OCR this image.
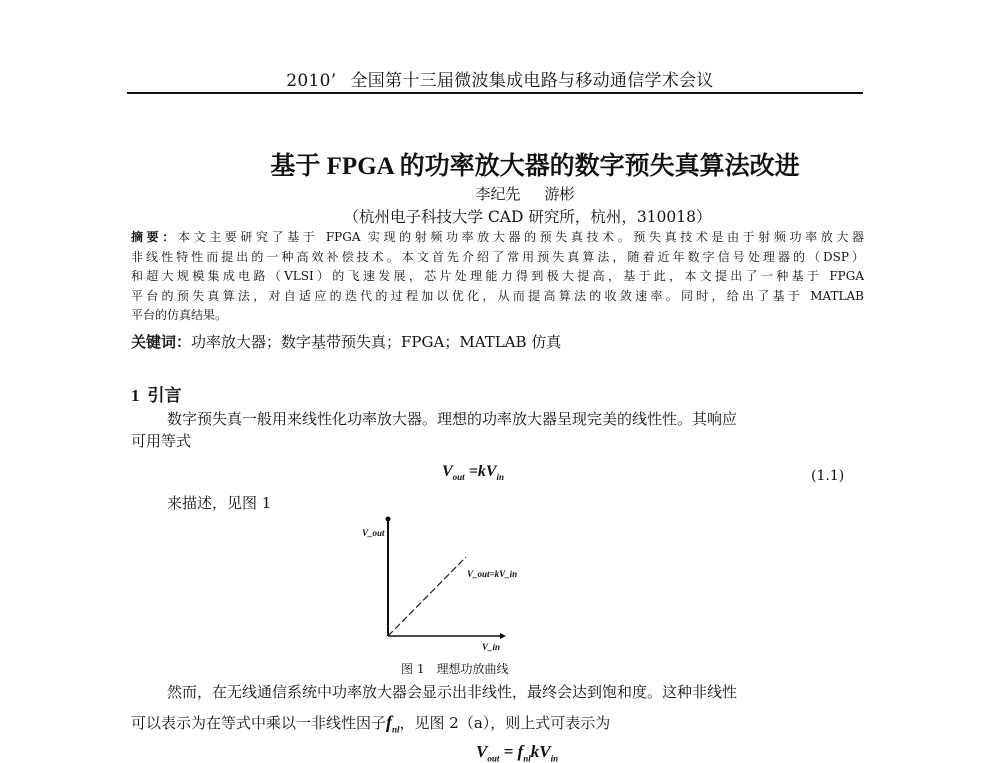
2010’ 全国第十三届微波集成电路与移动通信学术会议
基于 FPGA 的功率放大器的数字预失真算法改进
李纪先 游彬
（杭州电子科技大学 CAD 研究所，杭州，310018）
摘要：本文主要研究了基于 FPGA 实现的射频功率放大器的预失真技术。预失真技术是由于射频功率放大器
非线性特性而提出的一种高效补偿技术。本文首先介绍了常用预失真算法，随着近年数字信号处理器的（DSP）
和超大规模集成电路（VLSI）的飞速发展，芯片处理能力得到极大提高，基于此，本文提出了一种基于 FPGA
平台的预失真算法，对自适应的迭代的过程加以优化，从而提高算法的收敛速率。同时，给出了基于 MATLAB
平台的仿真结果。
关键词：功率放大器；数字基带预失真；FPGA；MATLAB 仿真
1 引言
数字预失真一般用来线性化功率放大器。理想的功率放大器呈现完美的线性性。其响应
可用等式
$V_{out} =kV_{in}$	(1.1)
来描述，见图 1
V_out
V_out=kV_in
V_in
图 1 理想功放曲线
然而，在无线通信系统中功率放大器会显示出非线性，最终会达到饱和度。这种非线性
可以表示为在等式中乘以一非线性因子$f_{nl}$，见图 2（a），则上式可表示为
$V_{out} = f_{nl}kV_{in}$
